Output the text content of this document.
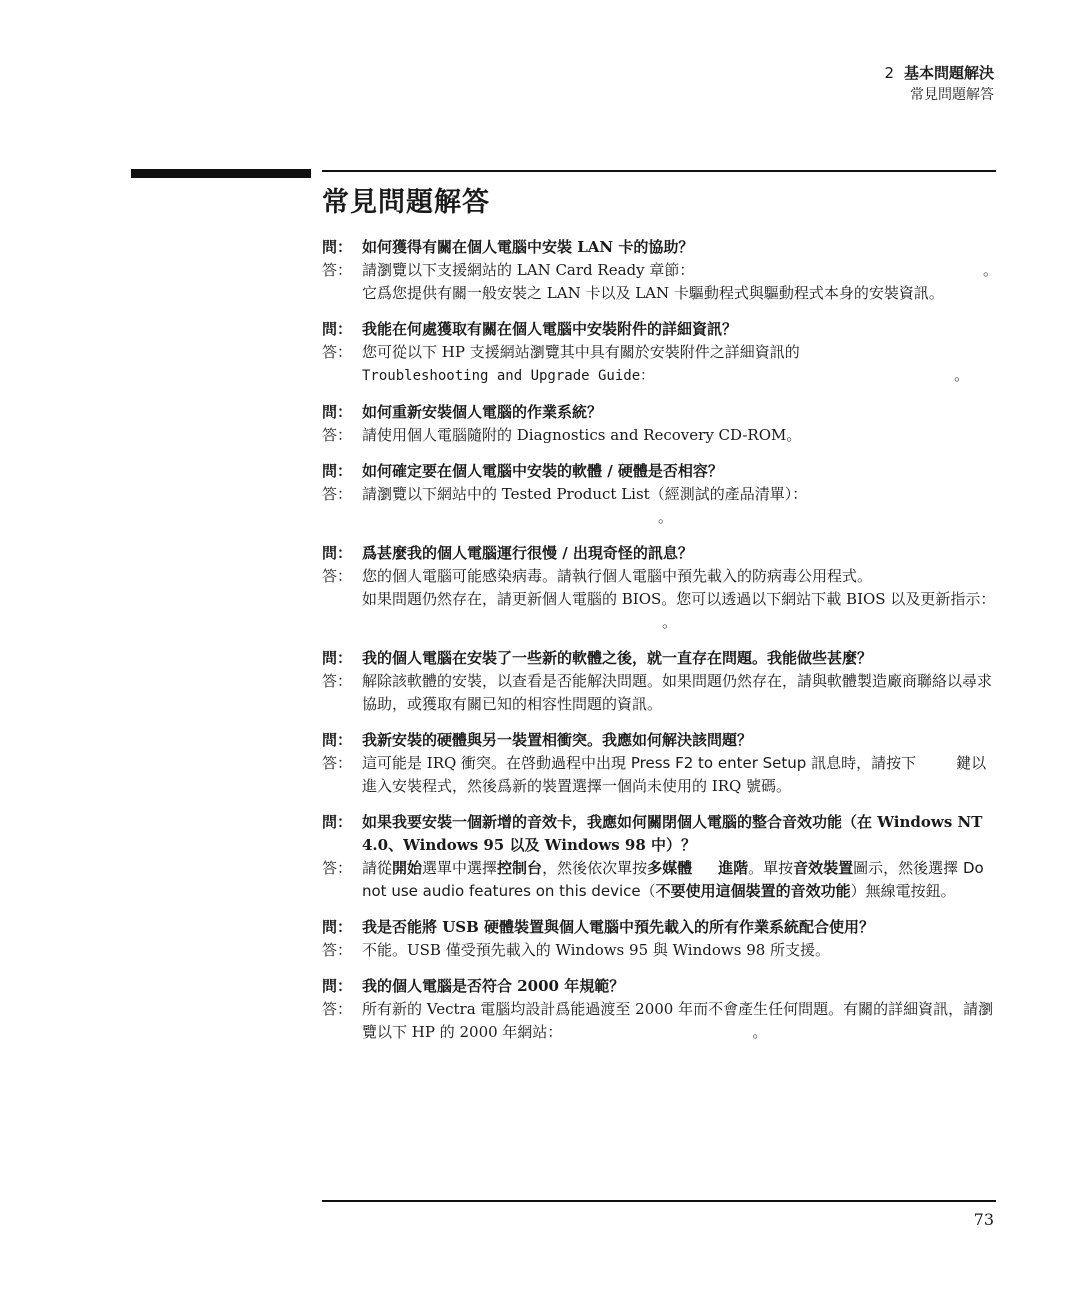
2 基本問題解決
常見問題解答
常見問題解答
問： 如何獲得有關在個人電腦中安裝 LAN 卡的協助？
答： 請瀏覽以下支援網站的 LAN Card Ready 章節：	。

它爲您提供有關一般安裝之 LAN 卡以及 LAN 卡驅動程式與驅動程式本身的安裝資訊。
問： 我能在何處獲取有關在個人電腦中安裝附件的詳細資訊？
答： 您可從以下 HP 支援網站瀏覽其中具有關於安裝附件之詳細資訊的
Troubleshooting and Upgrade Guide：	。
問： 如何重新安裝個人電腦的作業系統？
答： 請使用個人電腦隨附的 Diagnostics and Recovery CD-ROM。
問： 如何確定要在個人電腦中安裝的軟體 / 硬體是否相容？
答： 請瀏覽以下網站中的 Tested Product List（經測試的產品清單）：
。
問： 爲甚麼我的個人電腦運行很慢 / 出現奇怪的訊息？
答： 您的個人電腦可能感染病毒。請執行個人電腦中預先載入的防病毒公用程式。
如果問題仍然存在，請更新個人電腦的 BIOS。您可以透過以下網站下載 BIOS 以及更新指示：。
問： 我的個人電腦在安裝了一些新的軟體之後，就一直存在問題。我能做些甚麼？
答： 解除該軟體的安裝，以查看是否能解決問題。如果問題仍然存在，請與軟體製造廠商聯絡以尋求協助，或獲取有關已知的相容性問題的資訊。
問： 我新安裝的硬體與另一裝置相衝突。我應如何解決該問題？
答： 這可能是 IRQ 衝突。在啓動過程中出現 Press F2 to enter Setup 訊息時，請按下	鍵以進入安裝程式，然後爲新的裝置選擇一個尚未使用的 IRQ 號碼。
問： 如果我要安裝一個新增的音效卡，我應如何關閉個人電腦的整合音效功能（在 Windows NT 4.0、Windows 95 以及 Windows 98 中）？
答： 請從開始選單中選擇控制台，然後依次單按多媒體 進階。單按音效裝置圖示，然後選擇 Do not use audio features on this device（不要使用這個裝置的音效功能）無線電按鈕。
問： 我是否能將 USB 硬體裝置與個人電腦中預先載入的所有作業系統配合使用？
答： 不能。USB 僅受預先載入的 Windows 95 與 Windows 98 所支援。
問： 我的個人電腦是否符合 2000 年規範？
答： 所有新的 Vectra 電腦均設計爲能過渡至 2000 年而不會產生任何問題。有關的詳細資訊，請瀏覽以下 HP 的 2000 年網站：	。
73
